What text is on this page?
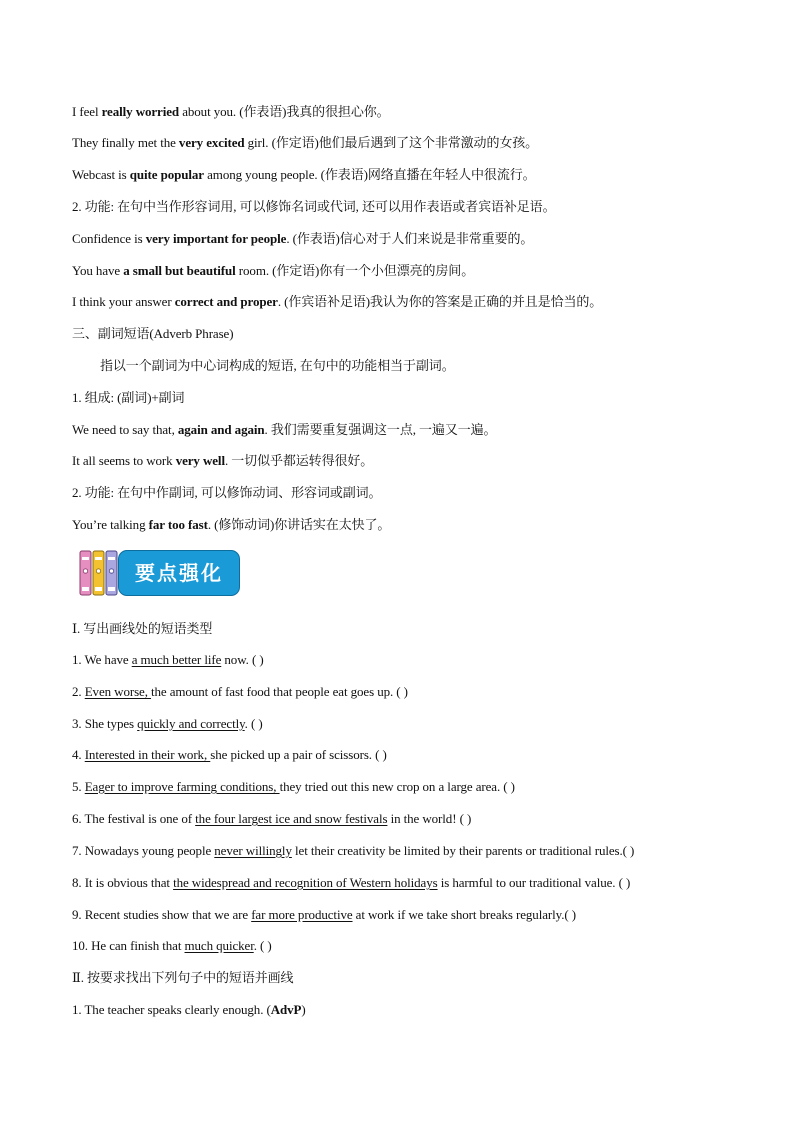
I feel really worried about you. (作表语)我真的很担心你。
They finally met the very excited girl. (作定语)他们最后遇到了这个非常激动的女孩。
Webcast is quite popular among young people. (作表语)网络直播在年轻人中很流行。
2. 功能: 在句中当作形容词用, 可以修饰名词或代词, 还可以用作表语或者宾语补足语。
Confidence is very important for people. (作表语)信心对于人们来说是非常重要的。
You have a small but beautiful room. (作定语)你有一个小但漂亮的房间。
I think your answer correct and proper. (作宾语补足语)我认为你的答案是正确的并且是恰当的。
三、副词短语(Adverb Phrase)
指以一个副词为中心词构成的短语, 在句中的功能相当于副词。
1. 组成: (副词)+副词
We need to say that, again and again. 我们需要重复强调这一点, 一遍又一遍。
It all seems to work very well. 一切似乎都运转得很好。
2. 功能: 在句中作副词, 可以修饰动词、形容词或副词。
You’re talking far too fast. (修饰动词)你讲话实在太快了。
要点强化
Ⅰ. 写出画线处的短语类型
1. We have a much better life now. ( )
2. Even worse, the amount of fast food that people eat goes up. ( )
3. She types quickly and correctly. ( )
4. Interested in their work, she picked up a pair of scissors. ( )
5. Eager to improve farming conditions, they tried out this new crop on a large area. ( )
6. The festival is one of the four largest ice and snow festivals in the world! ( )
7. Nowadays young people never willingly let their creativity be limited by their parents or traditional rules.( )
8. It is obvious that the widespread and recognition of Western holidays is harmful to our traditional value. ( )
9. Recent studies show that we are far more productive at work if we take short breaks regularly.( )
10. He can finish that much quicker. ( )
Ⅱ. 按要求找出下列句子中的短语并画线
1. The teacher speaks clearly enough. (AdvP)
